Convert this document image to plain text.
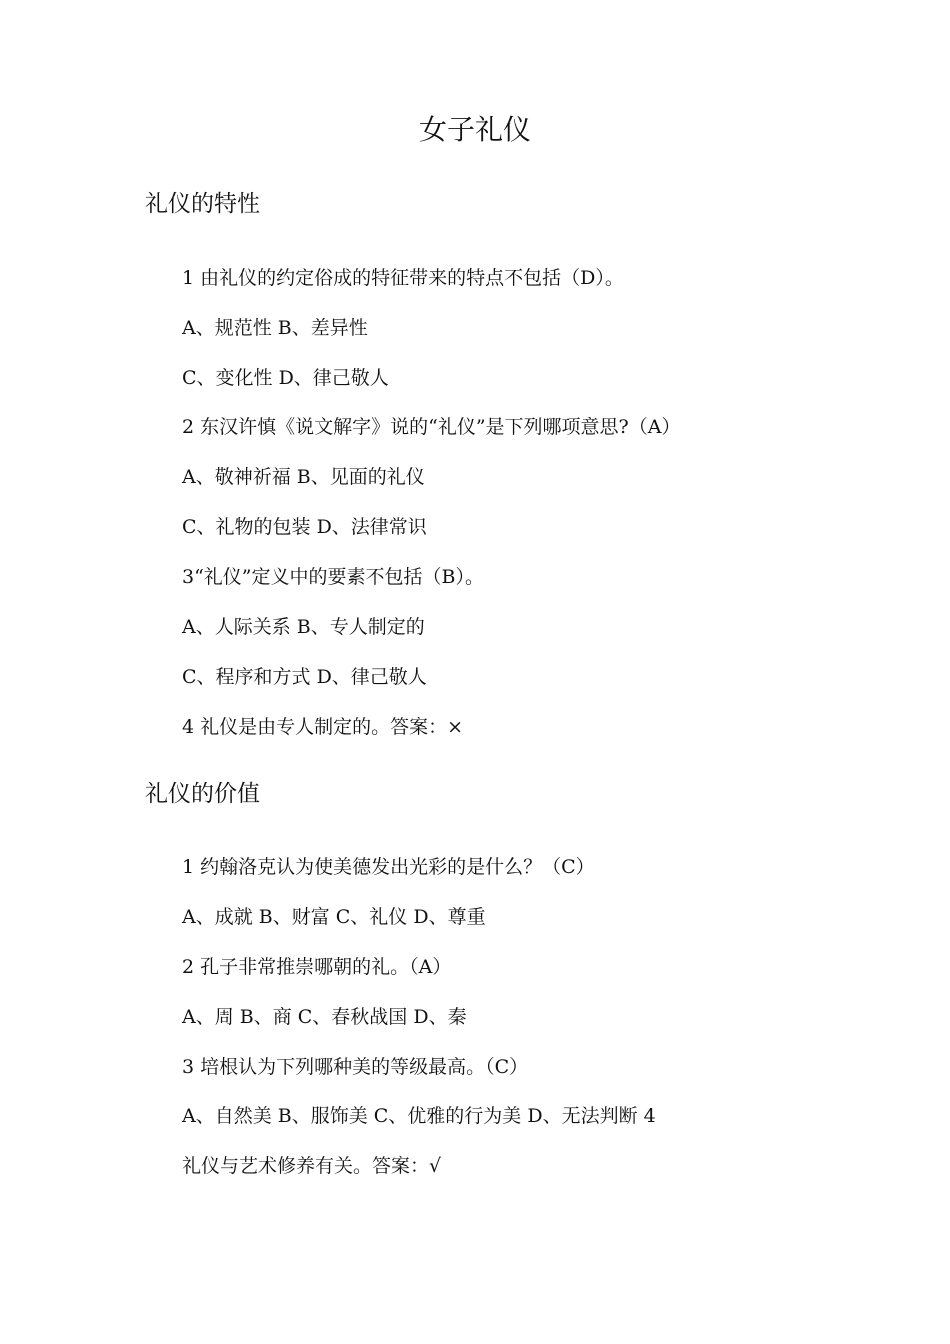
女子礼仪
礼仪的特性
1 由礼仪的约定俗成的特征带来的特点不包括（D）。
A、规范性 B、差异性
C、变化性 D、律己敬人
2 东汉许慎《说文解字》说的“礼仪”是下列哪项意思?（A）
A、敬神祈福 B、见面的礼仪
C、礼物的包装 D、法律常识
3“礼仪”定义中的要素不包括（B）。
A、人际关系 B、专人制定的
C、程序和方式 D、律己敬人
4 礼仪是由专人制定的。答案：×
礼仪的价值
1 约翰洛克认为使美德发出光彩的是什么？（C）
A、成就 B、财富 C、礼仪 D、尊重
2 孔子非常推崇哪朝的礼。（A）
A、周 B、商 C、春秋战国 D、秦
3 培根认为下列哪种美的等级最高。（C）
A、自然美 B、服饰美 C、优雅的行为美 D、无法判断 4
礼仪与艺术修养有关。答案：√
